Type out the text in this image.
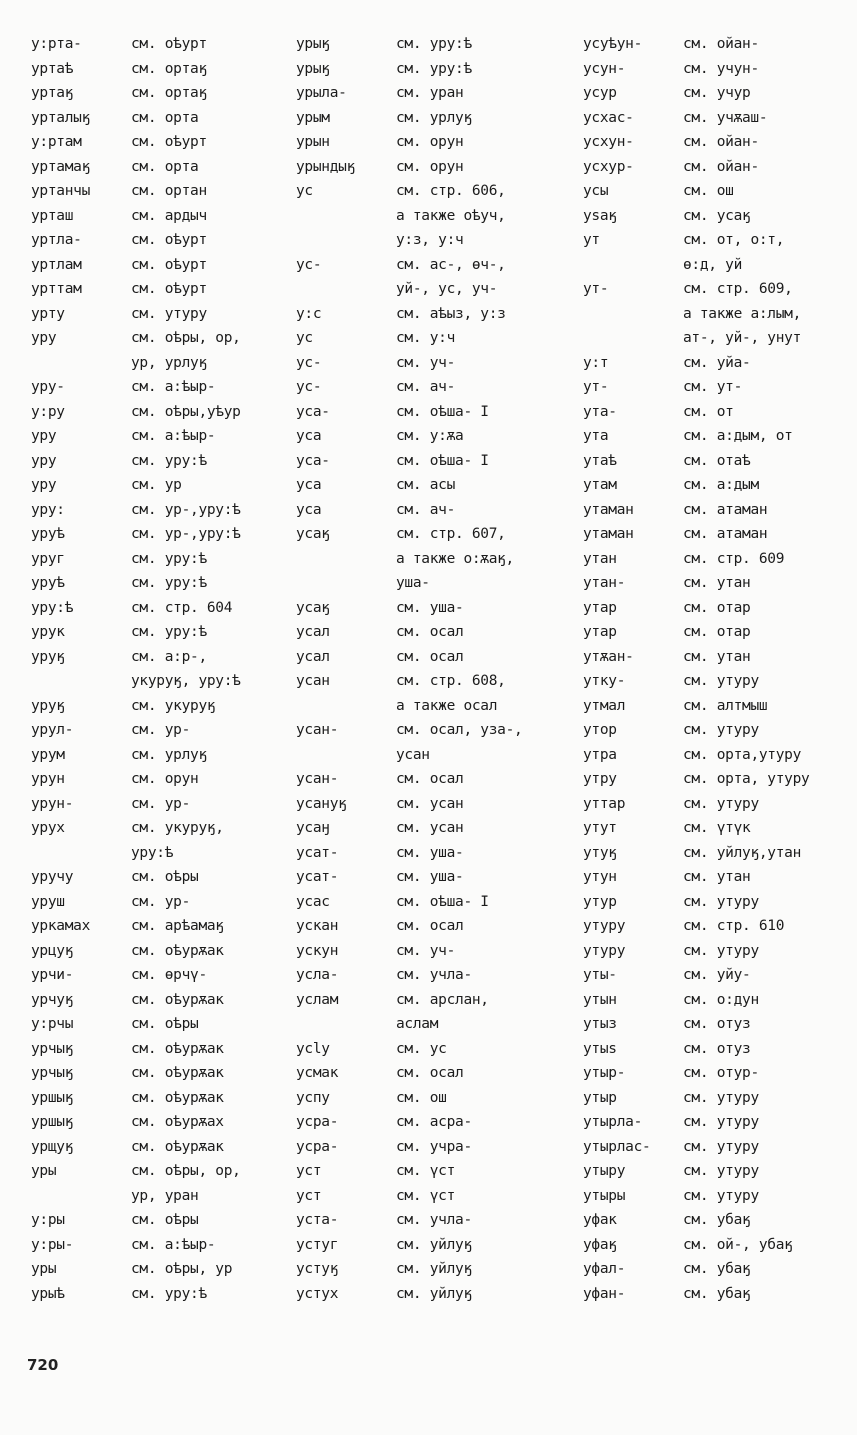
у:рта-	см. оѣурт
уртаѣ	см. ортаӄ
уртаӄ	см. ортаӄ
урталыӄ	см. орта
у:ртам	см. оѣурт
уртамаӄ	см. орта
уртанчы	см. ортан
урташ	см. ардыч
уртла-	см. оѣурт
уртлам	см. оѣурт
урттам	см. оѣурт
урту	см. утуру
уру	см. оѣры, ор,
ур, урлуӄ
уру-	см. а:ѣыр-
у:ру	см. оѣры,уѣур
уру	см. а:ѣыр-
уру	см. уру:ѣ
уру	см. ур
уру:	см. ур-,уру:ѣ
уруѣ	см. ур-,уру:ѣ
уруг	см. уру:ѣ
уруѣ	см. уру:ѣ
уру:ѣ	см. стр. 604
урук	см. уру:ѣ
уруӄ	см. а:р-,
укуруӄ, уру:ѣ
уруӄ	см. укуруӄ
урул-	см. ур-
урум	см. урлуӄ
урун	см. орун
урун-	см. ур-
урух	см. укуруӄ,
уру:ѣ
уручу	см. оѣры
уруш	см. ур-
уркамах	см. арѣамаӄ
урцуӄ	см. оѣурѫак
урчи-	см. өрчү-
урчуӄ	см. оѣурѫак
у:рчы	см. оѣры
урчыӄ	см. оѣурѫак
урчыӄ	см. оѣурѫак
уршыӄ	см. оѣурѫак
уршыӄ	см. оѣурѫах
урщуӄ	см. оѣурѫак
уры	см. оѣры, ор,
ур, уран
у:ры	см. оѣры
у:ры-	см. а:ѣыр-
уры	см. оѣры, ур
урыѣ	см. уру:ѣ
урыӄ	см. уру:ѣ
урыӄ	см. уру:ѣ
урыла-	см. уран
урым	см. урлуӄ
урын	см. орун
урындыӄ	см. орун
ус	см. стр. 606,
а также оѣуч,
у:з, у:ч
ус-	см. ас-, өч-,
уй-, ус, уч-
у:с	см. аѣыз, у:з
ус	см. у:ч
ус-	см. уч-
ус-	см. ач-
уса-	см. оѣша- I
уса	см. у:ѫа
уса-	см. оѣша- I
уса	см. асы
уса	см. ач-
усаӄ	см. стр. 607,
а также о:ѫаӄ,
уша-
усаӄ	см. уша-
усал	см. осал
усал	см. осал
усан	см. стр. 608,
а также осал
усан-	см. осал, уза-,
усан
усан-	см. осал
усануӄ	см. усан
усаӈ	см. усан
усат-	см. уша-
усат-	см. уша-
усас	см. оѣша- I
ускан	см. осал
ускун	см. уч-
усла-	см. учла-
услам	см. арслан,
аслам
усlу	см. ус
усмак	см. осал
успу	см. ош
усра-	см. асра-
усра-	см. учра-
уст	см. үст
уст	см. үст
уста-	см. учла-
устуг	см. уйлуӄ
устуӄ	см. уйлуӄ
устух	см. уйлуӄ
усуѣун-	см. ойан-
усун-	см. учун-
усур	см. учур
усхас-	см. учѫаш-
усхун-	см. ойан-
усхур-	см. ойан-
усы	см. ош
уѕаӄ	см. усаӄ
ут	см. от, о:т,
ө:д, уй
ут-	см. стр. 609,
а также а:лым,
ат-, уй-, унут
у:т	см. уйа-
ут-	см. ут-
ута-	см. от
ута	см. а:дым, от
утаѣ	см. отаѣ
утам	см. а:дым
утаман	см. атаман
утаман	см. атаман
утан	см. стр. 609
утан-	см. утан
утар	см. отар
утар	см. отар
утѫан-	см. утан
утку-	см. утуру
утмал	см. алтмыш
утор	см. утуру
утра	см. орта,утуру
утру	см. орта, утуру
уттар	см. утуру
утут	см. үтүк
утуӄ	см. уйлуӄ,утан
утун	см. утан
утур	см. утуру
утуру	см. стр. 610
утуру	см. утуру
уты-	см. уйу-
утын	см. о:дун
утыз	см. отуз
утыѕ	см. отуз
утыр-	см. отур-
утыр	см. утуру
утырла-	см. утуру
утырлас- см. утуру
утыру	см. утуру
утыры	см. утуру
уфак	см. убаӄ
уфаӄ	см. ой-, убаӄ
уфал-	см. убаӄ
уфан-	см. убаӄ
720
